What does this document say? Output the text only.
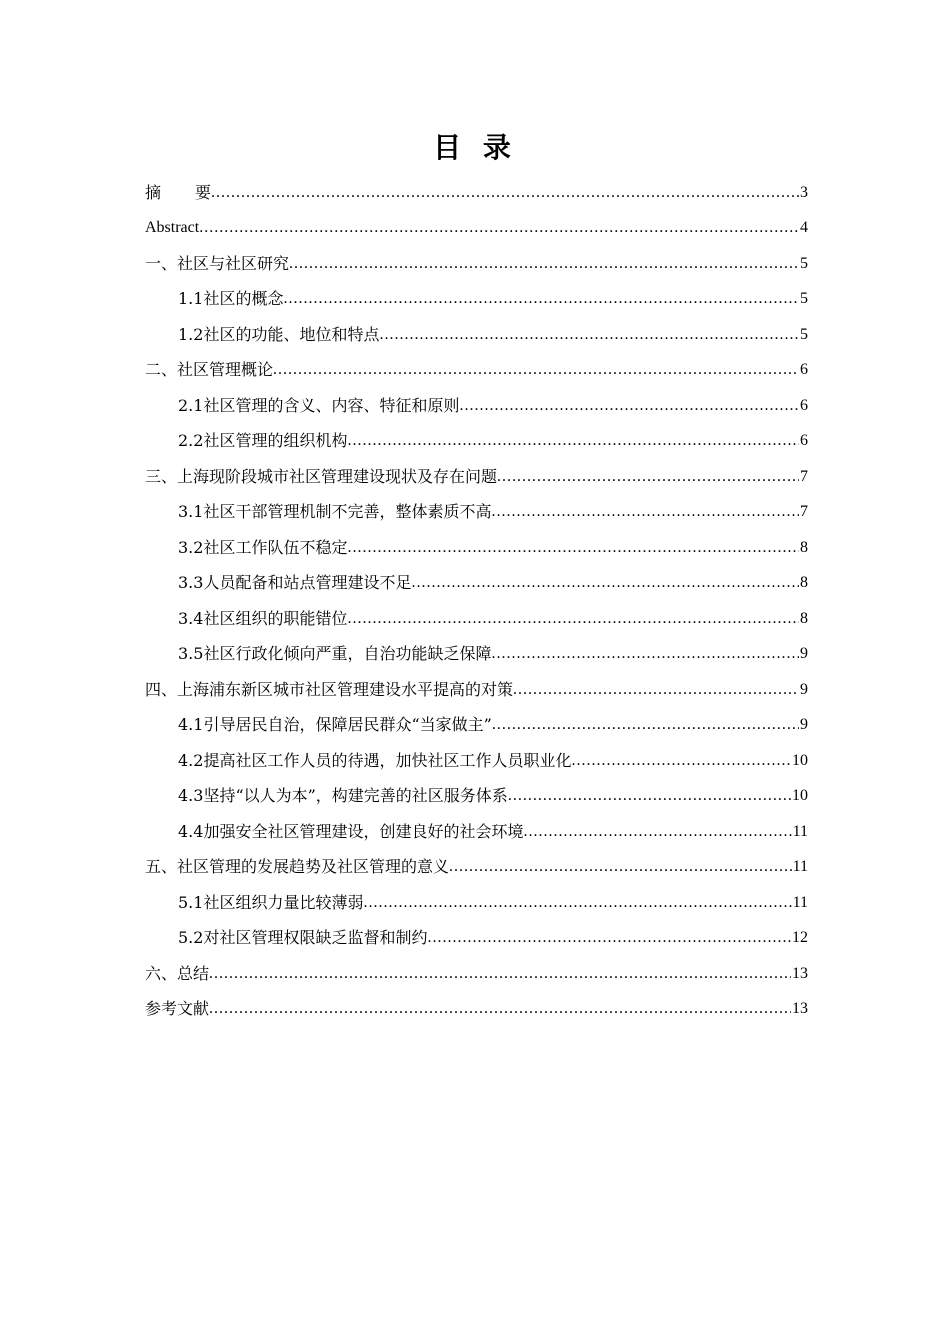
目 录
摘 要 .....	3
Abstract .....	4
一、社区与社区研究 .....	5
1.1社区的概念 .....	5
1.2社区的功能、地位和特点 .....	5
二、社区管理概论 .....	6
2.1社区管理的含义、内容、特征和原则 .....	6
2.2社区管理的组织机构 .....	6
三、上海现阶段城市社区管理建设现状及存在问题 .....	7
3.1社区干部管理机制不完善，整体素质不高 .....	7
3.2社区工作队伍不稳定 .....	8
3.3人员配备和站点管理建设不足 .....	8
3.4社区组织的职能错位 .....	8
3.5社区行政化倾向严重，自治功能缺乏保障 .....	9
四、上海浦东新区城市社区管理建设水平提高的对策 .....	9
4.1引导居民自治，保障居民群众“当家做主” .....	9
4.2提高社区工作人员的待遇，加快社区工作人员职业化 .....	10
4.3坚持“以人为本”，构建完善的社区服务体系 .....	10
4.4加强安全社区管理建设，创建良好的社会环境 .....	11
五、社区管理的发展趋势及社区管理的意义 .....	11
5.1社区组织力量比较薄弱 .....	11
5.2对社区管理权限缺乏监督和制约 .....	12
六、总结 .....	13
参考文献 .....	13
